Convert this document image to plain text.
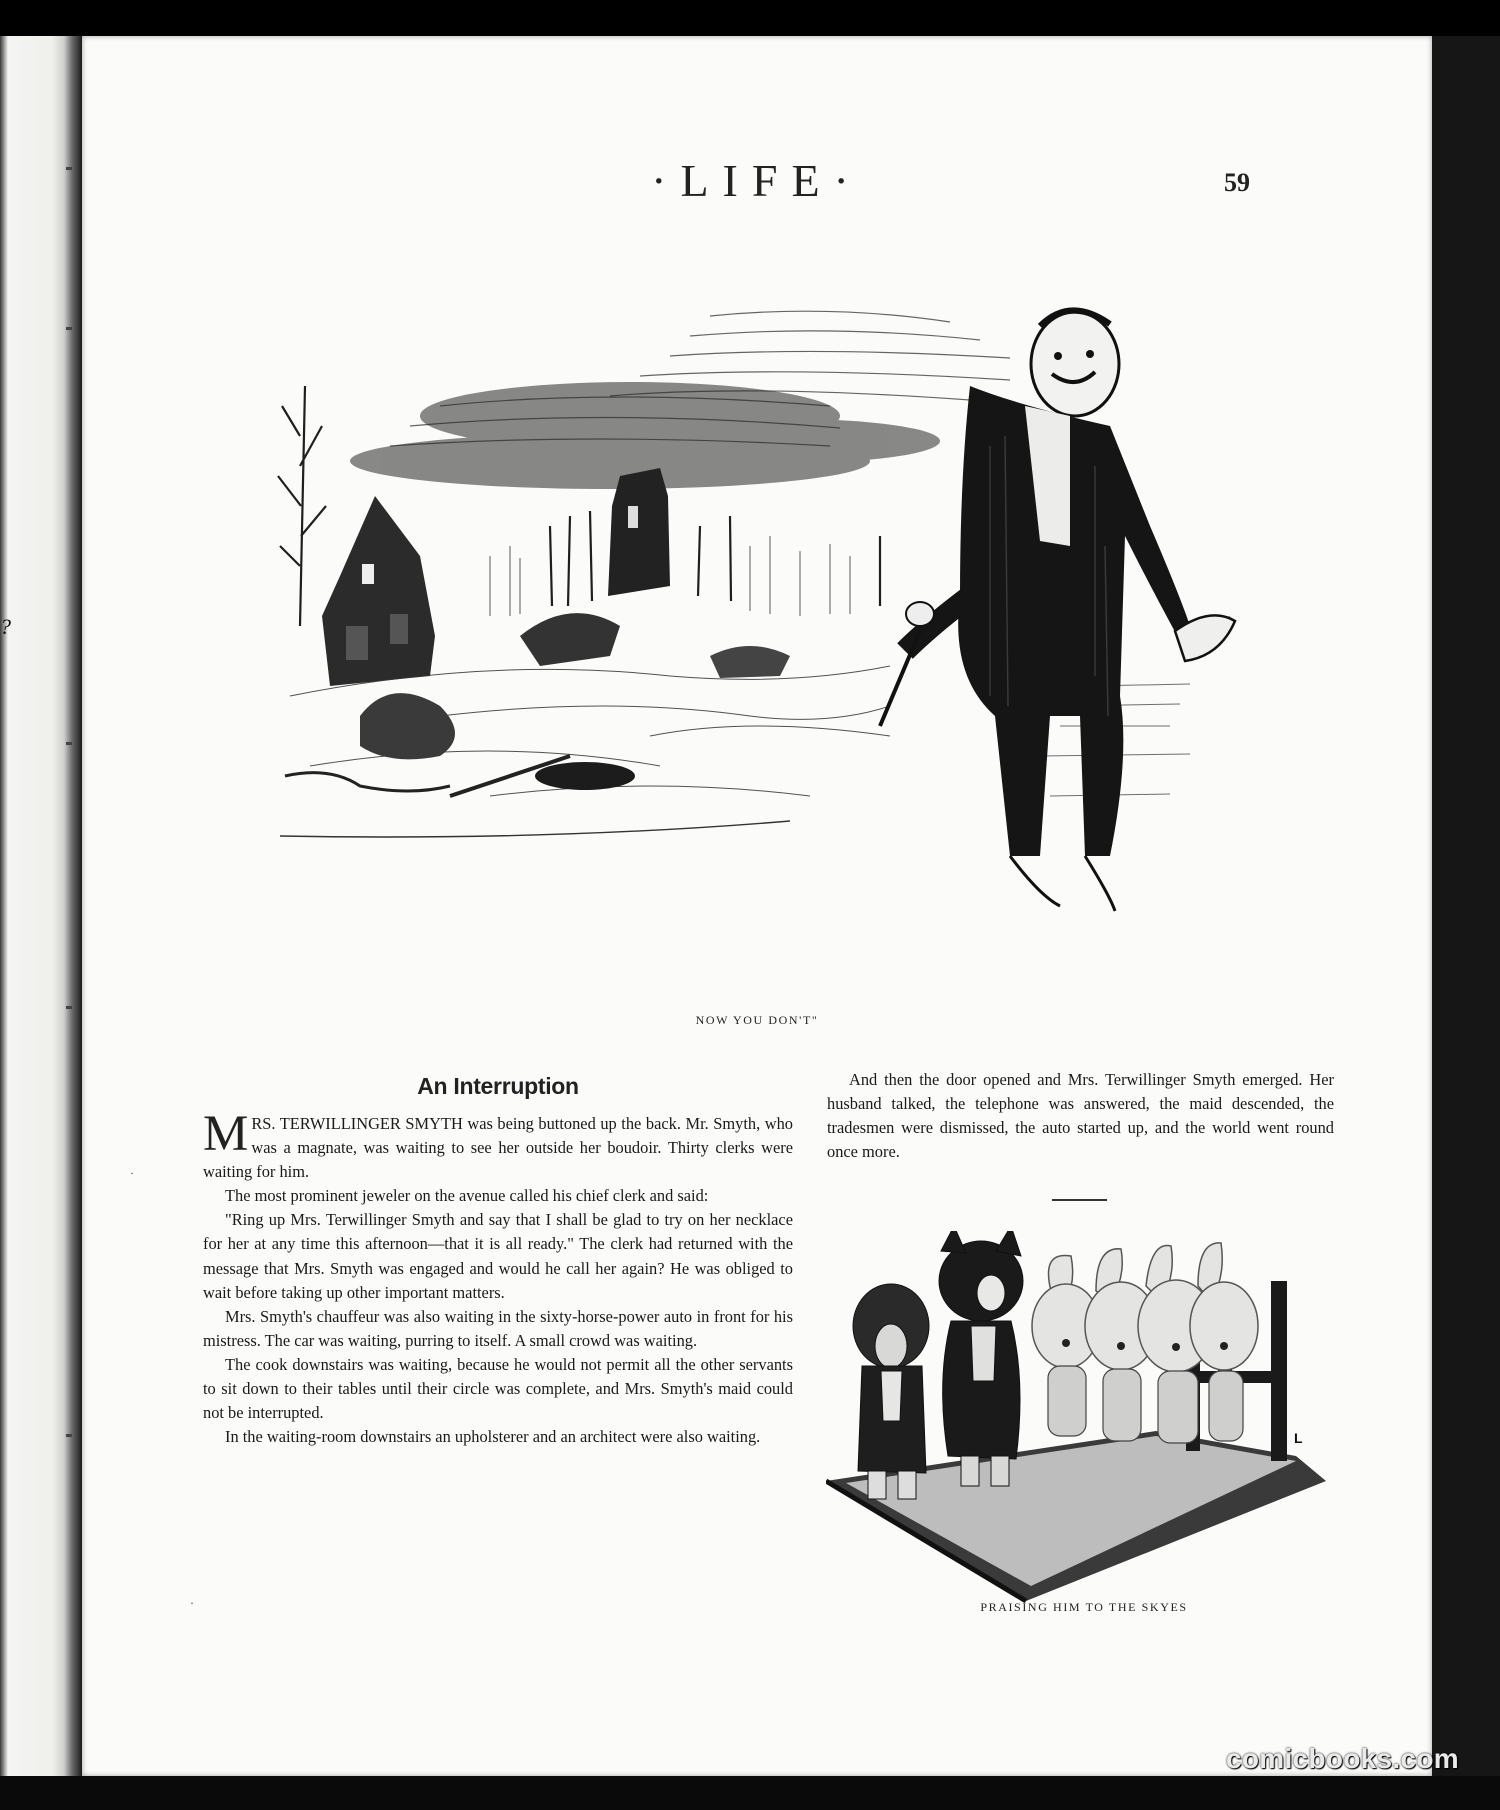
?
·LIFE·	59
NOW YOU DON'T"
An Interruption

MRS. TERWILLINGER SMYTH was being buttoned up the back. Mr. Smyth, who was a magnate, was waiting to see her outside her boudoir. Thirty clerks were waiting for him.

The most prominent jeweler on the avenue called his chief clerk and said:

"Ring up Mrs. Terwillinger Smyth and say that I shall be glad to try on her necklace for her at any time this afternoon—that it is all ready." The clerk had returned with the message that Mrs. Smyth was engaged and would he call her again? He was obliged to wait before taking up other important matters.

Mrs. Smyth's chauffeur was also waiting in the sixty-horse-power auto in front for his mistress. The car was waiting, purring to itself. A small crowd was waiting.

The cook downstairs was waiting, because he would not permit all the other servants to sit down to their tables until their circle was complete, and Mrs. Smyth's maid could not be interrupted.

In the waiting-room downstairs an upholsterer and an architect were also waiting.

And then the door opened and Mrs. Terwillinger Smyth emerged. Her husband talked, the telephone was answered, the maid descended, the tradesmen were dismissed, the auto started up, and the world went round once more.

L
PRAISING HIM TO THE SKYES
·
·
comicbooks.com
